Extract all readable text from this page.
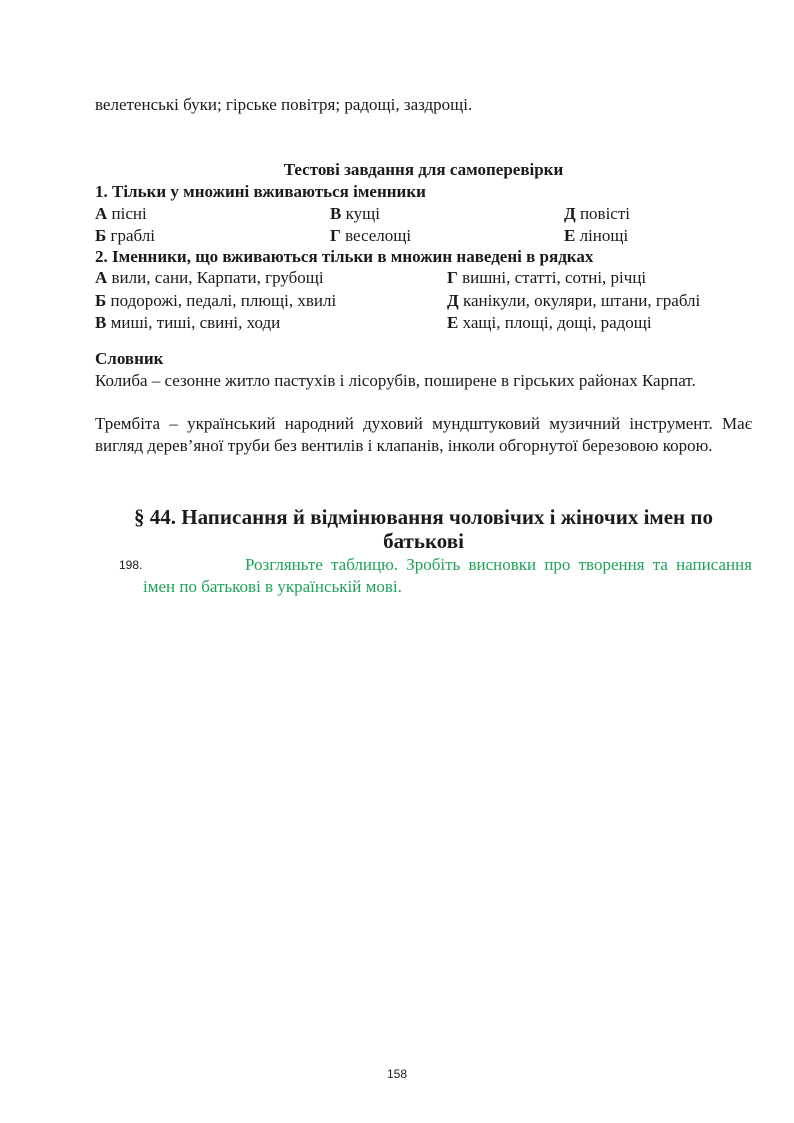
велетенські буки; гірське повітря; радощі, заздрощі.
Тестові завдання для самоперевірки
1. Тільки у множині вживаються іменники
А пісні	В кущі	Д повісті
Б граблі	Г веселощі	Е лінощі
2. Іменники, що вживаються тільки в множин наведені в рядках
А вили, сани, Карпати, грубощі	Г вишні, статті, сотні, річці
Б подорожі, педалі, плющі, хвилі	Д канікули, окуляри, штани, граблі
В миші, тиші, свині, ходи	Е хащі, площі, дощі, радощі
Словник
Колиба – сезонне житло пастухів і лісорубів, поширене в гірських районах Карпат.
Трембіта – український народний духовий мундштуковий музичний інструмент. Має вигляд дерев’яної труби без вентилів і клапанів, інколи обгорнутої березовою корою.
§ 44. Написання й відмінювання чоловічих і жіночих імен по батькові
Розгляньте таблицю. Зробіть висновки про творення та написання імен по батькові в українській мові.
198.
158
